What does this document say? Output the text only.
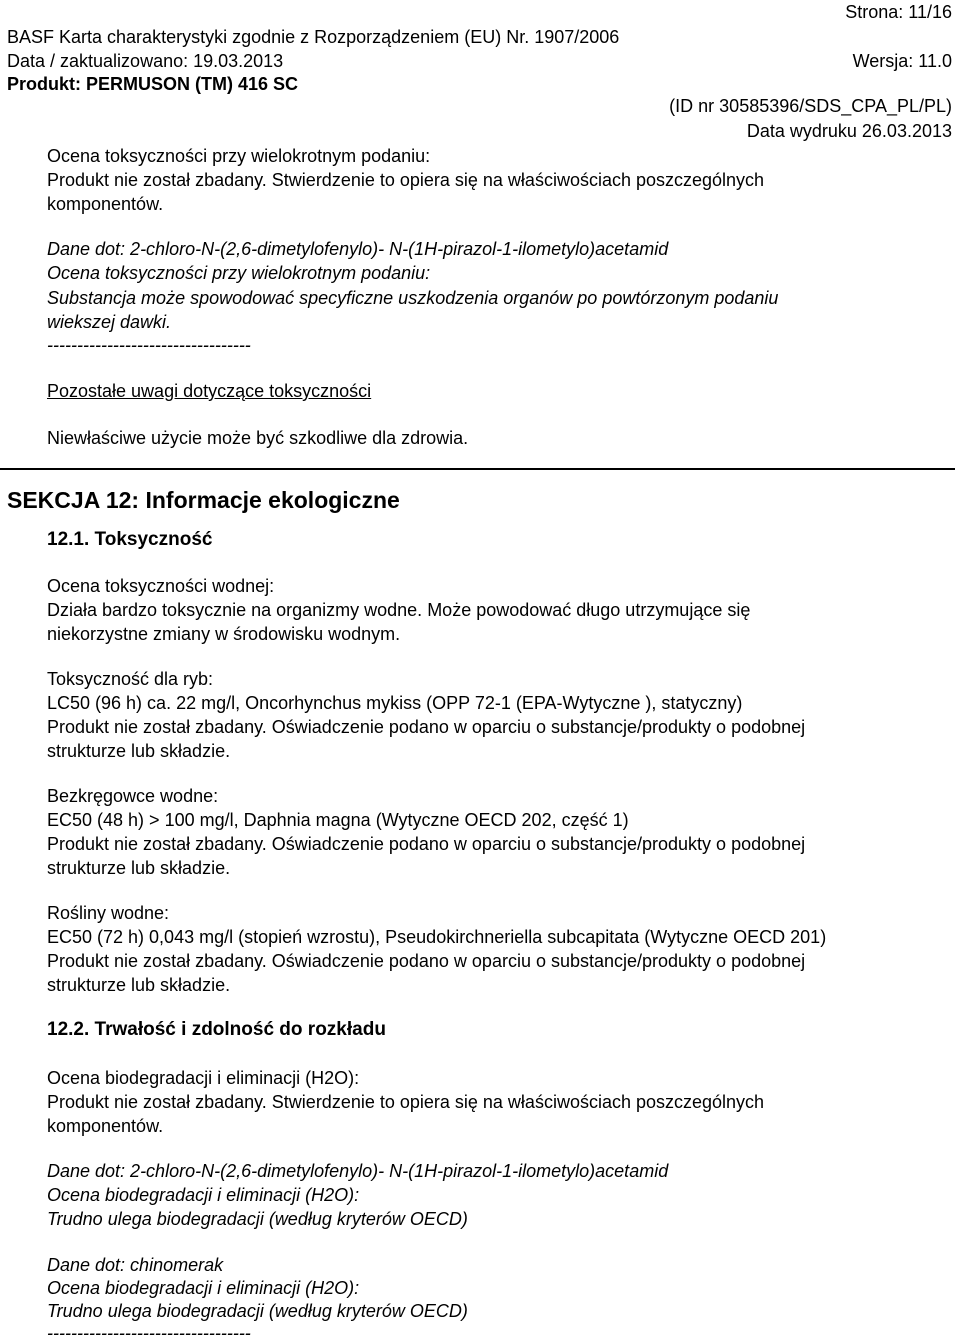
Strona: 11/16
BASF Karta charakterystyki zgodnie z Rozporządzeniem (EU) Nr. 1907/2006
Data / zaktualizowano: 19.03.2013	Wersja: 11.0
Produkt: PERMUSON (TM) 416 SC
(ID nr 30585396/SDS_CPA_PL/PL)
Data wydruku 26.03.2013
Ocena toksyczności przy wielokrotnym podaniu:
Produkt nie został zbadany. Stwierdzenie to opiera się na właściwościach poszczególnych
komponentów.
Dane dot: 2-chloro-N-(2,6-dimetylofenylo)- N-(1H-pirazol-1-ilometylo)acetamid
Ocena toksyczności przy wielokrotnym podaniu:
Substancja może spowodować specyficzne uszkodzenia organów po powtórzonym podaniu
wiekszej dawki.
----------------------------------
Pozostałe uwagi dotyczące toksyczności
Niewłaściwe użycie może być szkodliwe dla zdrowia.
SEKCJA 12: Informacje ekologiczne
12.1. Toksyczność
Ocena toksyczności wodnej:
Działa bardzo toksycznie na organizmy wodne. Może powodować długo utrzymujące się
niekorzystne zmiany w środowisku wodnym.
Toksyczność dla ryb:
LC50 (96 h) ca. 22 mg/l, Oncorhynchus mykiss (OPP 72-1 (EPA-Wytyczne ), statyczny)
Produkt nie został zbadany. Oświadczenie podano w oparciu o substancje/produkty o podobnej
strukturze lub składzie.
Bezkręgowce wodne:
EC50 (48 h) > 100 mg/l, Daphnia magna (Wytyczne OECD 202, część 1)
Produkt nie został zbadany. Oświadczenie podano w oparciu o substancje/produkty o podobnej
strukturze lub składzie.
Rośliny wodne:
EC50 (72 h) 0,043 mg/l (stopień wzrostu), Pseudokirchneriella subcapitata (Wytyczne OECD 201)
Produkt nie został zbadany. Oświadczenie podano w oparciu o substancje/produkty o podobnej
strukturze lub składzie.
12.2. Trwałość i zdolność do rozkładu
Ocena biodegradacji i eliminacji (H2O):
Produkt nie został zbadany. Stwierdzenie to opiera się na właściwościach poszczególnych
komponentów.
Dane dot: 2-chloro-N-(2,6-dimetylofenylo)- N-(1H-pirazol-1-ilometylo)acetamid
Ocena biodegradacji i eliminacji (H2O):
Trudno ulega biodegradacji (według kryterów OECD)
Dane dot: chinomerak
Ocena biodegradacji i eliminacji (H2O):
Trudno ulega biodegradacji (według kryterów OECD)
----------------------------------
